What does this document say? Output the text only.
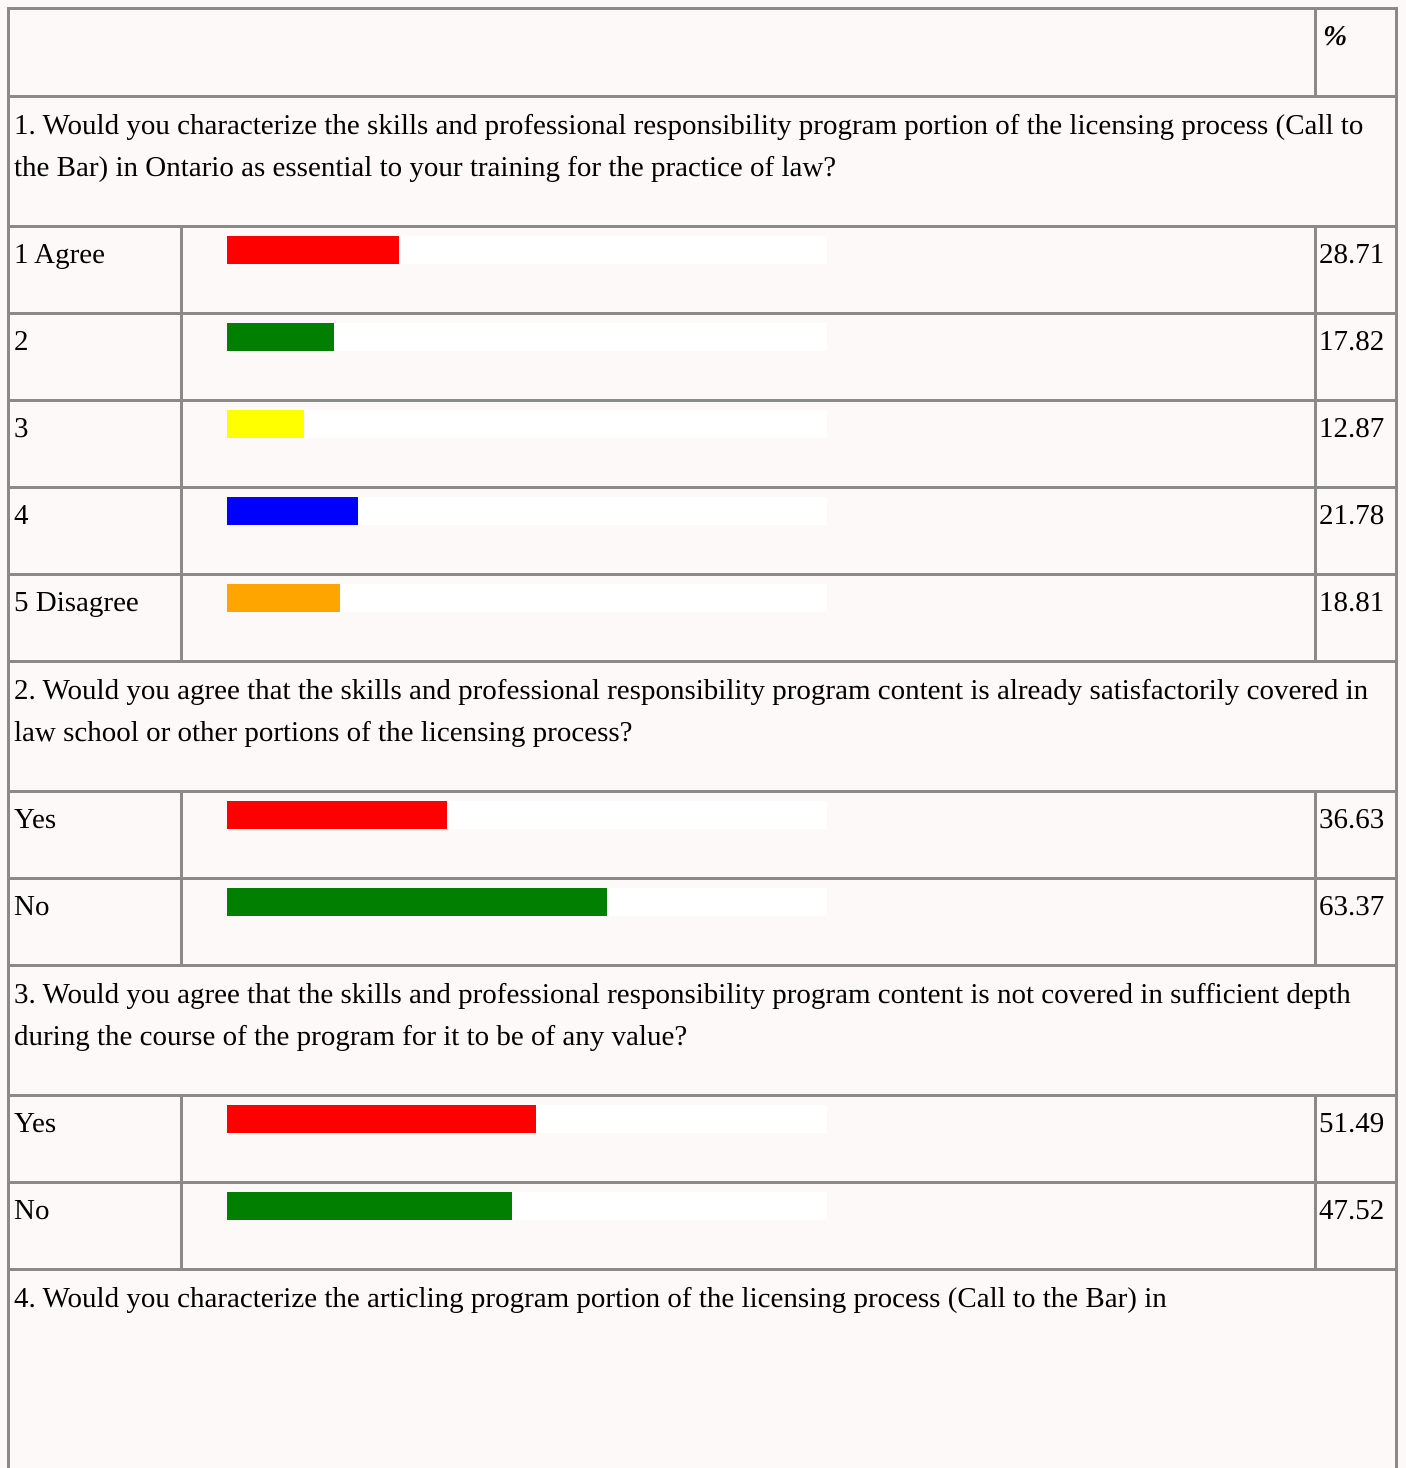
%
1. Would you characterize the skills and professional responsibility program portion of the licensing process (Call to the Bar) in Ontario as essential to your training for the practice of law?
1 Agree	28.71
2	17.82
3	12.87
4	21.78
5 Disagree	18.81
2. Would you agree that the skills and professional responsibility program content is already satisfactorily covered in law school or other portions of the licensing process?
Yes	36.63
No	63.37
3. Would you agree that the skills and professional responsibility program content is not covered in sufficient depth during the course of the program for it to be of any value?
Yes	51.49
No	47.52
4. Would you characterize the articling program portion of the licensing process (Call to the Bar) in
